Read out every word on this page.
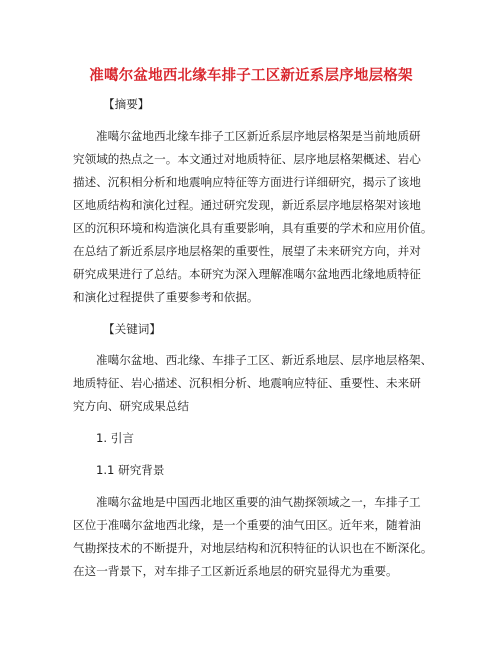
准噶尔盆地西北缘车排子工区新近系层序地层格架
【摘要】
准噶尔盆地西北缘车排子工区新近系层序地层格架是当前地质研
究领域的热点之一。本文通过对地质特征、层序地层格架概述、岩心
描述、沉积相分析和地震响应特征等方面进行详细研究，揭示了该地
区地质结构和演化过程。通过研究发现，新近系层序地层格架对该地
区的沉积环境和构造演化具有重要影响，具有重要的学术和应用价值。
在总结了新近系层序地层格架的重要性，展望了未来研究方向，并对
研究成果进行了总结。本研究为深入理解准噶尔盆地西北缘地质特征
和演化过程提供了重要参考和依据。
【关键词】
准噶尔盆地、西北缘、车排子工区、新近系地层、层序地层格架、
地质特征、岩心描述、沉积相分析、地震响应特征、重要性、未来研
究方向、研究成果总结
1. 引言
1.1 研究背景
准噶尔盆地是中国西北地区重要的油气勘探领域之一，车排子工
区位于准噶尔盆地西北缘，是一个重要的油气田区。近年来，随着油
气勘探技术的不断提升，对地层结构和沉积特征的认识也在不断深化。
在这一背景下，对车排子工区新近系地层的研究显得尤为重要。
